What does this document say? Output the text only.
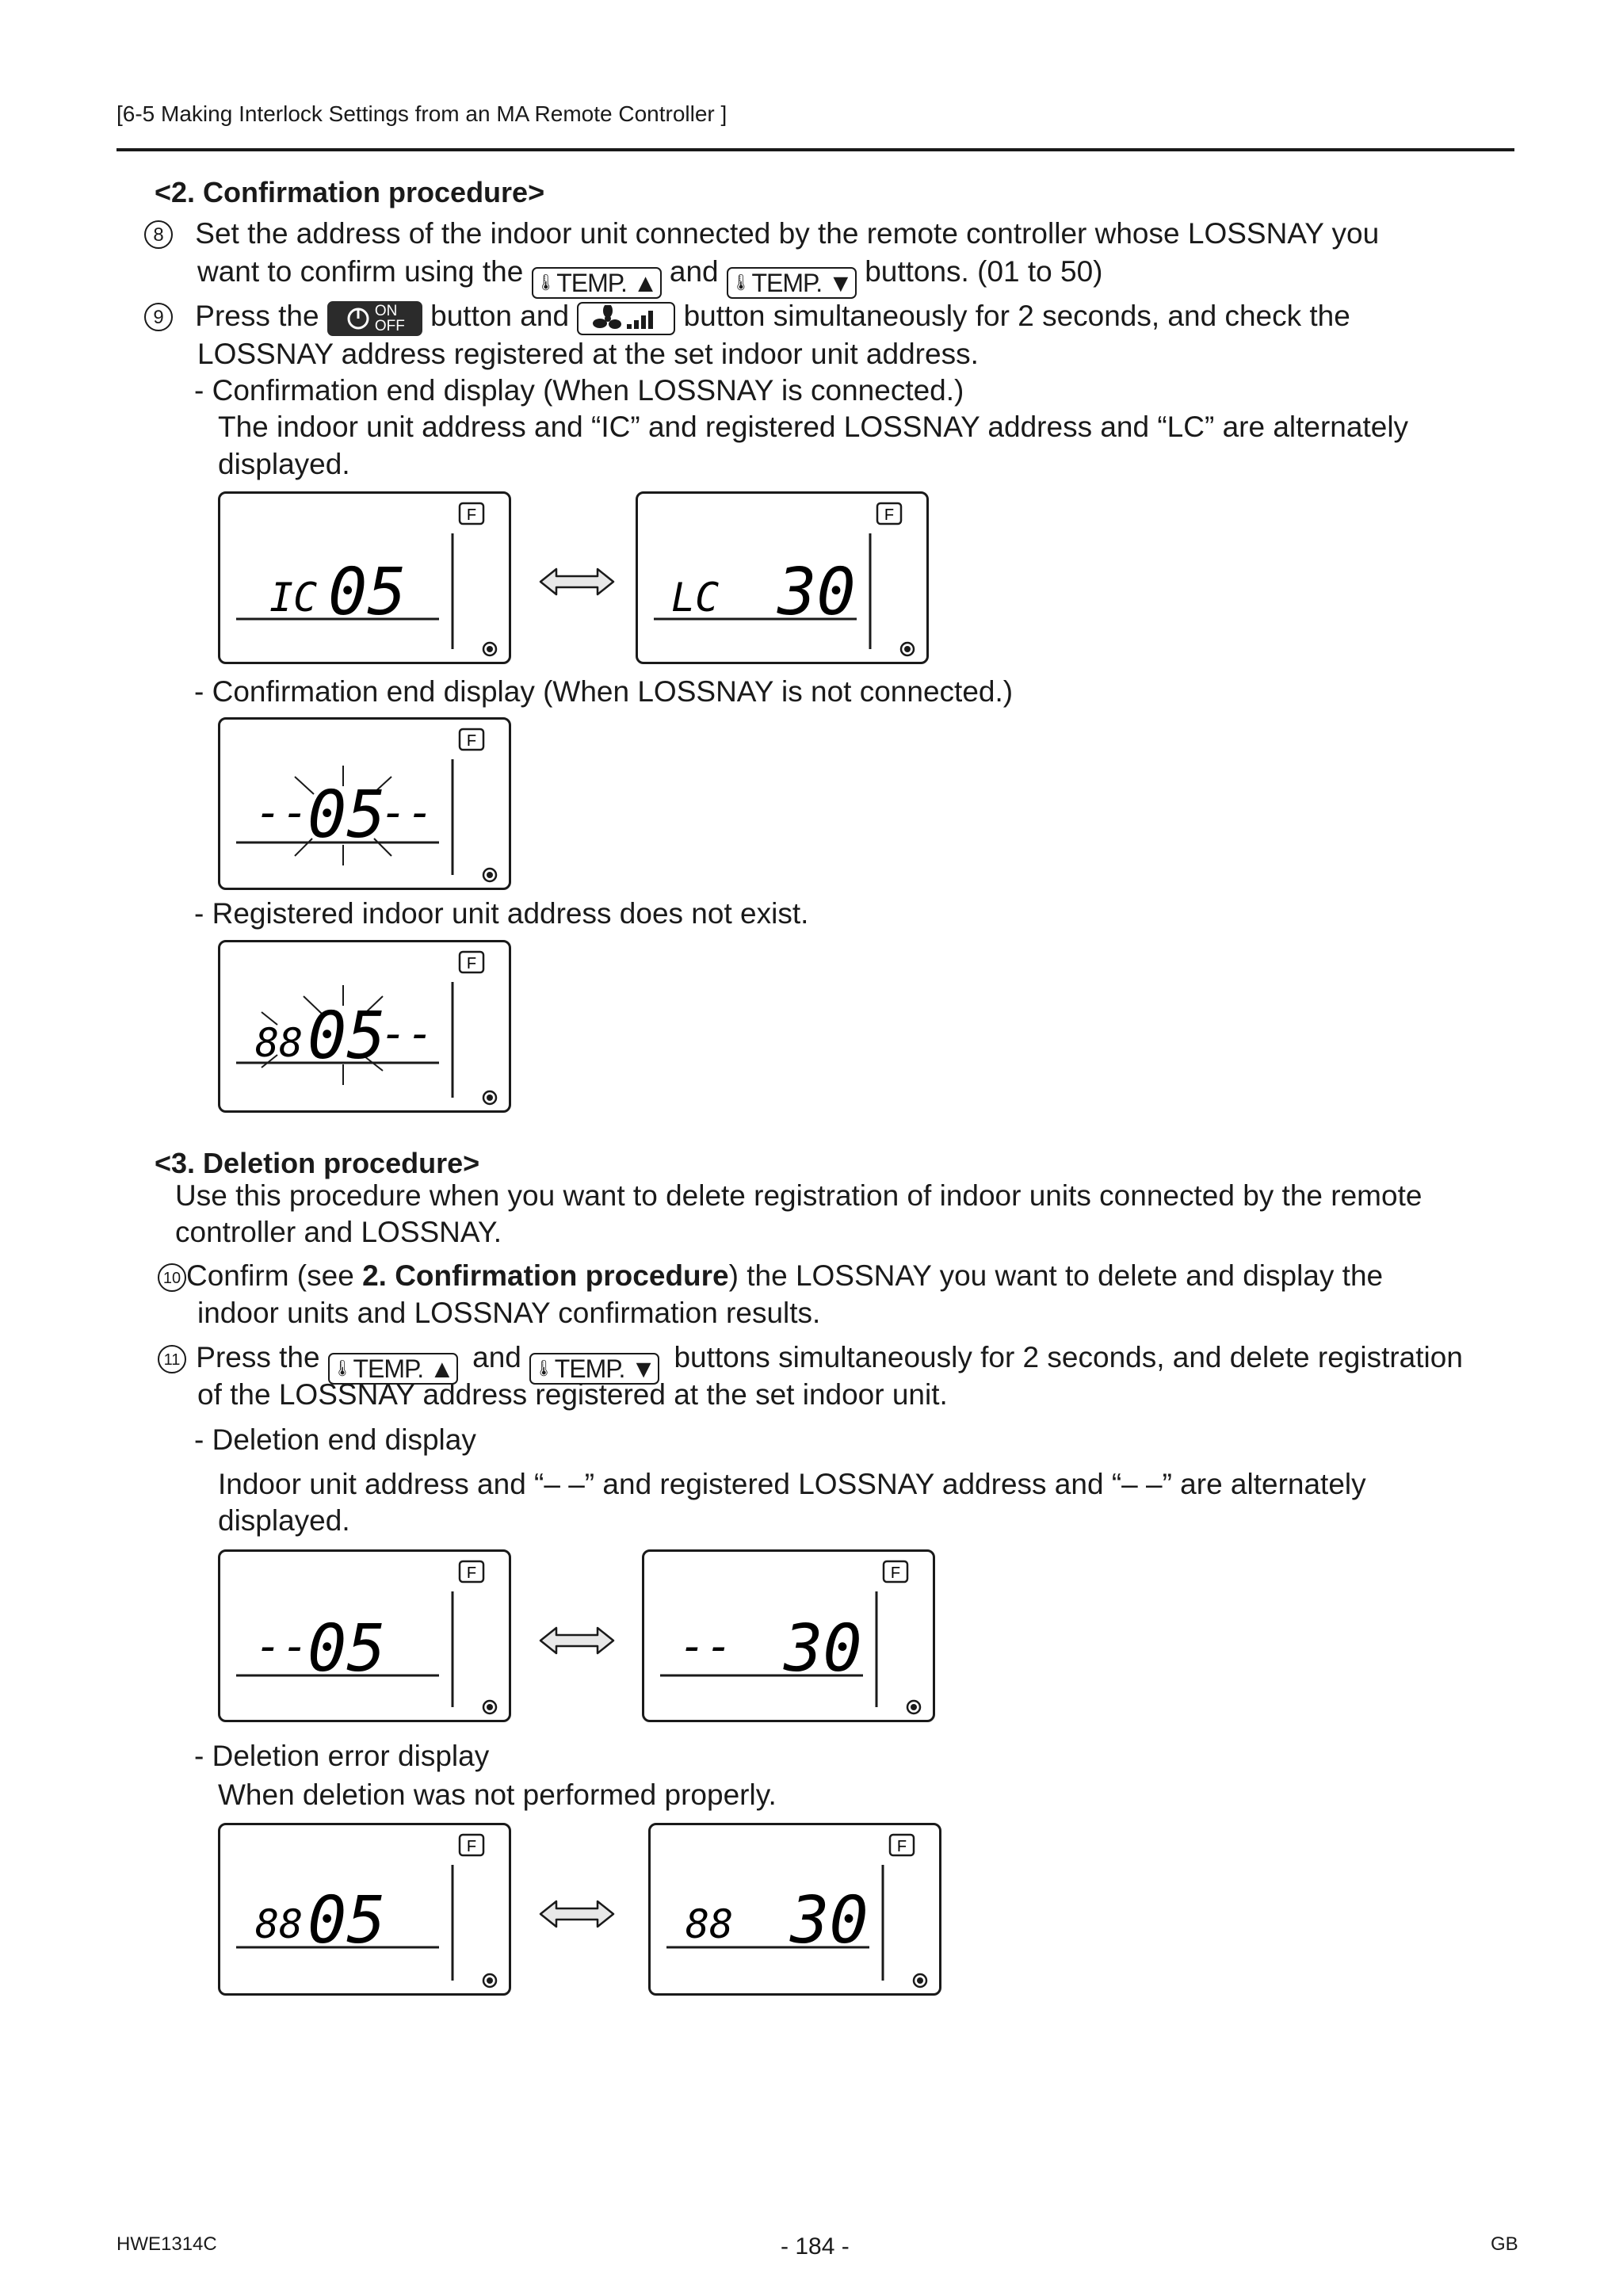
[6-5 Making Interlock Settings from an MA Remote Controller ]
<2. Confirmation procedure>
8 Set the address of the indoor unit connected by the remote controller whose LOSSNAY you
want to confirm using the 🌡 TEMP. ▲ and 🌡 TEMP. ▼ buttons. (01 to 50)
9 Press the	ON
OFF button and	button simultaneously for 2 seconds, and check the
LOSSNAY address registered at the set indoor unit address.
- Confirmation end display (When LOSSNAY is connected.)
The indoor unit address and “IC” and registered LOSSNAY address and “LC” are alternately
displayed.
F
IC 05
F
LC 30
- Confirmation end display (When LOSSNAY is not connected.)
F
--
05
--
- Registered indoor unit address does not exist.
F
88 05
--
<3. Deletion procedure>
Use this procedure when you want to delete registration of indoor units connected by the remote
controller and LOSSNAY.
10 Confirm (see 2. Confirmation procedure) the LOSSNAY you want to delete and display the
indoor units and LOSSNAY confirmation results.
11 Press the 🌡 TEMP. ▲ and 🌡 TEMP. ▼ buttons simultaneously for 2 seconds, and delete registration
of the LOSSNAY address registered at the set indoor unit.
- Deletion end display
Indoor unit address and “– –” and registered LOSSNAY address and “– –” are alternately
displayed.
F
--
05
F
-- 30
- Deletion error display
When deletion was not performed properly.
F
88 05
F
88 30
HWE1314C	- 184 -	GB
